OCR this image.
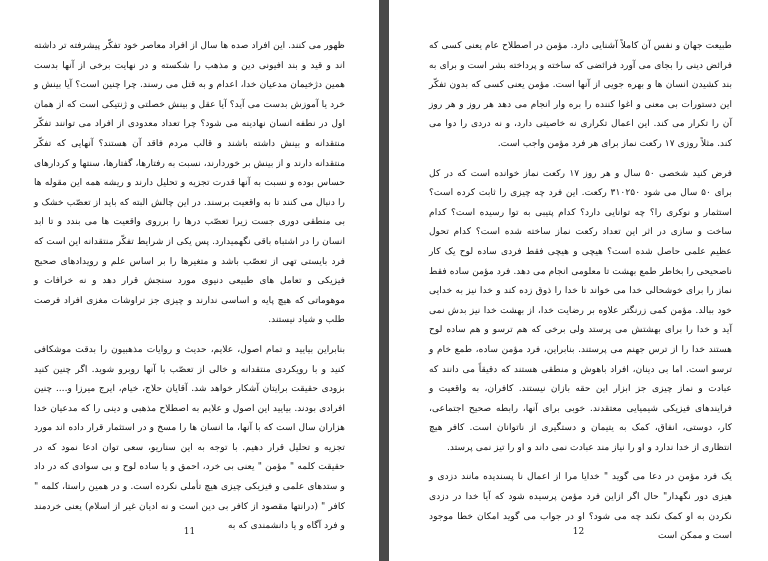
ظهور می کنند. این افراد صده ها سال از افراد معاصر خود تفکّر پیشرفته تر داشته اند و قید و بند افیونی دین و مذهب را شکسته و در نهایت برخی از آنها بدست همین دژخیمان مدعیان خدا، اعدام و به قتل می رسند. چرا چنین است؟ آیا بینش و خرد یا آموزش بدست می آید؟ آیا عقل و بینش خصلتی و ژنتیکی است که از همان اول در نطفه انسان نهادینه می شود؟ چرا تعداد معدودی از افراد می توانند تفکّر منتقدانه و بینش داشته باشند و قالب مردم فاقد آن هستند؟ آنهایی که تفکّر منتقدانه دارند و از بینش بر خوردارند، نسبت به رفتارها، گفتارها، سنتها و کردارهای حساس بوده و نسبت به آنها قدرت تجزیه و تحلیل دارند و ریشه همه این مقوله ها را دنبال می کنند تا به واقعیت برسند. در این چالش البته که باید از تعصّب خشک و بی منطقی دوری جست زیرا تعصّب درها را برروی واقعیت ها می بندد و تا ابد انسان را در اشتباه باقی نگهمیدارد. پس یکی از شرایط تفکّر منتقدانه این است که فرد بایستی تهی از تعصّب باشد و متغیرها را بر اساس علم و رویدادهای صحیح فیزیکی و تعامل های طبیعی دنیوی مورد سنجش قرار دهد و نه خرافات و موهوماتی که هیچ پایه و اساسی ندارند و چیزی جز تراوشات مغزی افراد فرصت طلب و شیاد نیستند.

بنابراین بیایید و تمام اصول، علایم، حدیث و روایات مذهبیون را بدقت موشکافی کنید و با رویکردی منتقدانه و خالی از تعصّب با آنها روبرو شوید. اگر چنین کنید بزودی حقیقت برایتان آشکار خواهد شد. آقایان حلاج، خیام، ایرج میرزا و.... چنین افرادی بودند. بیایید این اصول و علایم به اصطلاح مذهبی و دینی را که مدعیان خدا هزاران سال است که با آنها، ما انسان ها را مسخ و در استثمار قرار داده اند مورد تجزیه و تحلیل قرار دهیم. با توجه به این سناریو، سعی توان ادعا نمود که در حقیقت کلمه " مؤمن " یعنی بی خرد، احمق و یا ساده لوح و بی سوادی که در داد و ستدهای علمی و فیزیکی چیزی هیچ تأملی نکرده است. و در همین راستا، کلمه " کافر " (درانتها مقصود از کافر بی دین است و نه ادیان غیر از اسلام) یعنی خردمند و فرد آگاه و یا دانشمندی که به

11

طبیعت جهان و نفس آن کاملاً آشنایی دارد. مؤمن در اصطلاح عام یعنی کسی که فرائض دینی را بجای می آورد فرائضی که ساخته و پرداخته بشر است و برای به بند کشیدن انسان ها و بهره جویی از آنها است. مؤمن یعنی کسی که بدون تفکّر این دستورات بی معنی و اغوا کننده را بره وار انجام می دهد هر روز و هر روز آن را تکرار می کند. این اعمال تکراری نه خاصیتی دارد، و نه دردی را دوا می کند. مثلاً روزی ۱۷ رکعت نماز برای هر فرد مؤمن واجب است.

فرض کنید شخصی ۵۰ سال و هر روز ۱۷ رکعت نماز خوانده است که در کل برای ۵۰ سال می شود ۳۱۰۲۵۰ رکعت. این فرد چه چیزی را ثابت کرده است؟ استثمار و نوکری را؟ چه توانایی دارد؟ کدام پتیبی به توا رسیده است؟ کدام ساخت و سازی در اثر این تعداد رکعت نماز ساخته شده است؟ کدام تحول عظیم علمی حاصل شده است؟ هیچی و هیچی فقط فردی ساده لوح یک کار ناصحیحی را بخاطر طمع بهشت تا معلومی انجام می دهد. فرد مؤمن ساده فقط نماز را برای خوشحالی خدا می خواند تا خدا را ذوق زده کند و خدا نیز به خدایی خود ببالد. مؤمن کمی زرنگتر علاوه بر رضایت خدا، از بهشت خدا نیز بدش نمی آید و خدا را برای بهشتش می پرستد ولی برخی که هم ترسو و هم ساده لوح هستند خدا را از ترس جهنم می پرستند. بنابراین، فرد مؤمن ساده، طمع خام و ترسو است. اما بی دینان، افراد باهوش و منطقی هستند که دقیقاً می دانند که عبادت و نماز چیزی جز ابزار این حقه بازان نیستند. کافران، به واقعیت و فرایندهای فیزیکی شیمیایی معتقدند. خوبی برای آنها، رابطه صحیح اجتماعی، کار، دوستی، انفاق، کمک به یتیمان و دستگیری از ناتوانان است. کافر هیچ انتظاری از خدا ندارد و او را نیاز مند عبادت نمی داند و او را تیز نمی پرستد.

یک فرد مؤمن در دعا می گوید " خدایا مرا از اعمال نا پسندیده مانند دزدی و هیزی دور نگهدار" حال اگر ازاین فرد مؤمن پرسیده شود که آیا خدا در دزدی نکردن به او کمک نکند چه می شود؟ او در جواب می گوید امکان خطا موجود است و ممکن است

12
